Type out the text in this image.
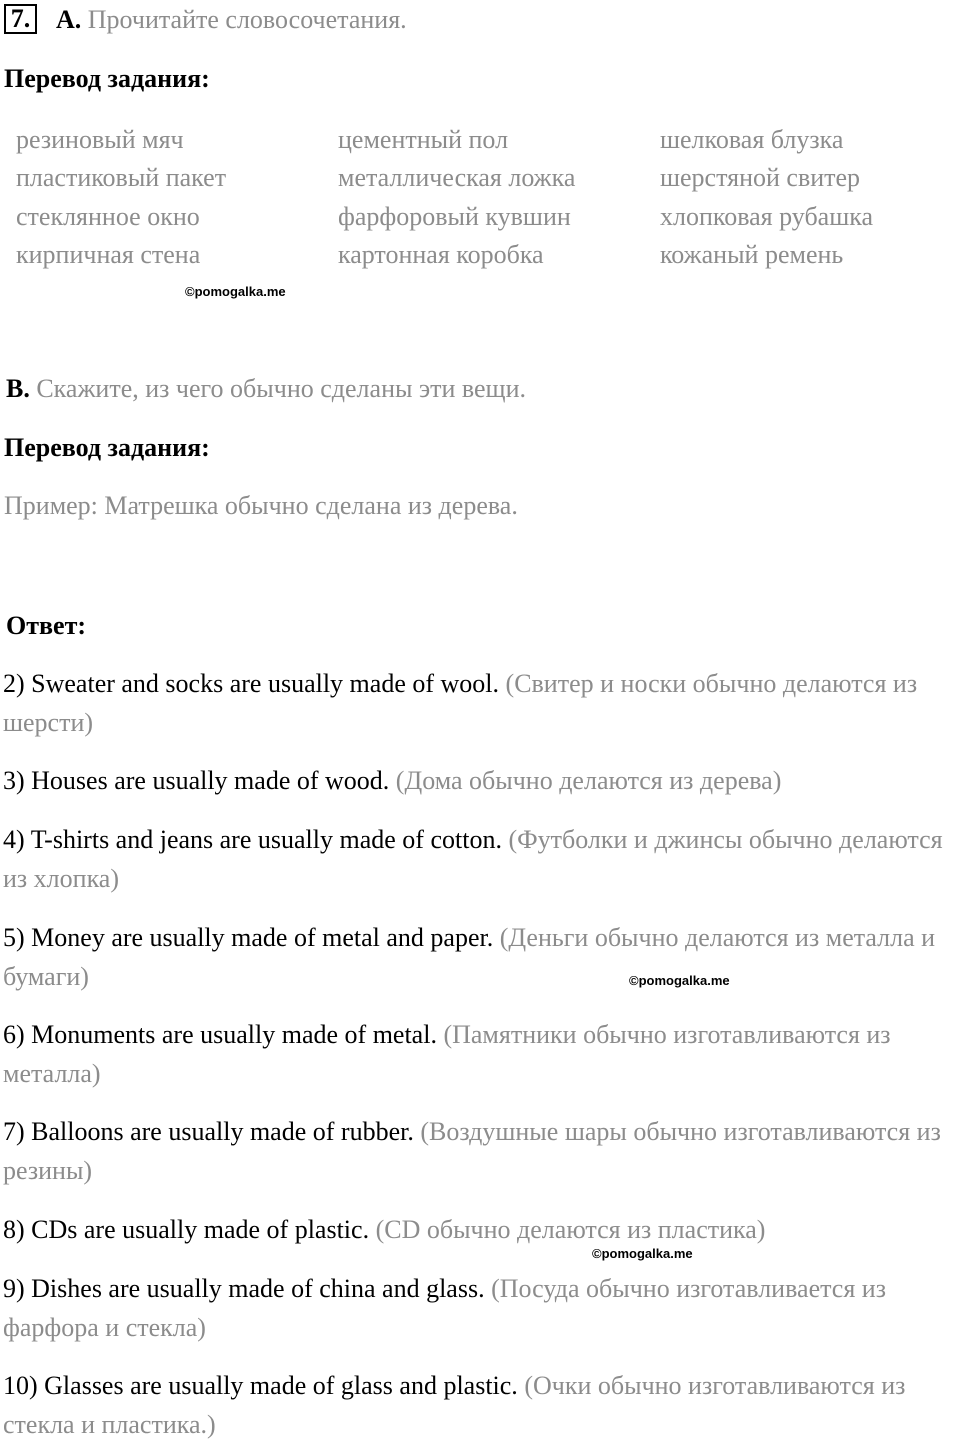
7. А. Прочитайте словосочетания.
Перевод задания:
резиновый мяч
пластиковый пакет
стеклянное окно
кирпичная стена
цементный пол
металлическая ложка
фарфоровый кувшин
картонная коробка
шелковая блузка
шерстяной свитер
хлопковая рубашка
кожаный ремень
©pomogalka.me
В. Скажите, из чего обычно сделаны эти вещи.
Перевод задания:
Пример: Матрешка обычно сделана из дерева.
Ответ:
2) Sweater and socks are usually made of wool. (Свитер и носки обычно делаются из шерсти)
3) Houses are usually made of wood. (Дома обычно делаются из дерева)
4) T-shirts and jeans are usually made of cotton. (Футболки и джинсы обычно делаются из хлопка)
5) Money are usually made of metal and paper. (Деньги обычно делаются из металла и бумаги)	©pomogalka.me
6) Monuments are usually made of metal. (Памятники обычно изготавливаются из металла)
7) Balloons are usually made of rubber. (Воздушные шары обычно изготавливаются из резины)
8) CDs are usually made of plastic. (CD обычно делаются из пластика)
©pomogalka.me
9) Dishes are usually made of china and glass. (Посуда обычно изготавливается из фарфора и стекла)
10) Glasses are usually made of glass and plastic. (Очки обычно изготавливаются из стекла и пластика.)
